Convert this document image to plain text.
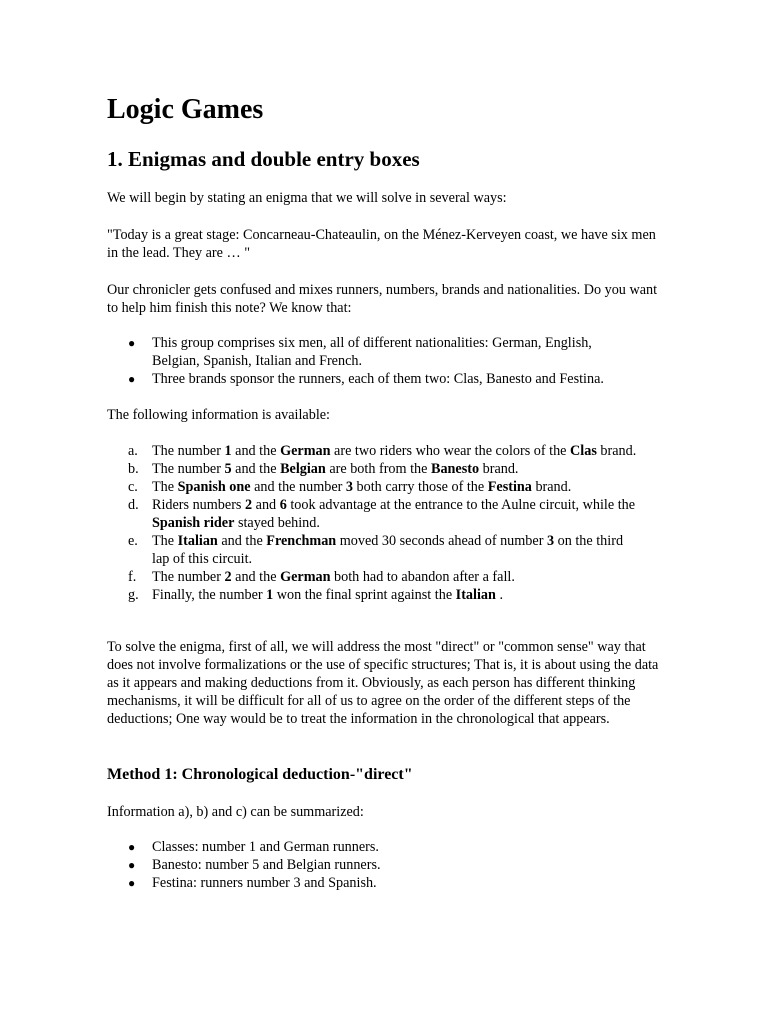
Logic Games
1. Enigmas and double entry boxes

We will begin by stating an enigma that we will solve in several ways:

"Today is a great stage: Concarneau-Chateaulin, on the Ménez-Kerveyen coast, we have six men in the lead. They are … "

Our chronicler gets confused and mixes runners, numbers, brands and nationalities. Do you want to help him finish this note? We know that:

● This group comprises six men, all of different nationalities: German, English, Belgian, Spanish, Italian and French.
● Three brands sponsor the runners, each of them two: Clas, Banesto and Festina.

The following information is available:

a. The number 1 and the German are two riders who wear the colors of the Clas brand.
b. The number 5 and the Belgian are both from the Banesto brand.
c. The Spanish one and the number 3 both carry those of the Festina brand.
d. Riders numbers 2 and 6 took advantage at the entrance to the Aulne circuit, while the Spanish rider stayed behind.
e. The Italian and the Frenchman moved 30 seconds ahead of number 3 on the third lap of this circuit.
f. The number 2 and the German both had to abandon after a fall.
g. Finally, the number 1 won the final sprint against the Italian .

To solve the enigma, first of all, we will address the most "direct" or "common sense" way that does not involve formalizations or the use of specific structures; That is, it is about using the data as it appears and making deductions from it. Obviously, as each person has different thinking mechanisms, it will be difficult for all of us to agree on the order of the different steps of the deductions; One way would be to treat the information in the chronological that appears.

Method 1: Chronological deduction-"direct"

Information a), b) and c) can be summarized:

● Classes: number 1 and German runners.
● Banesto: number 5 and Belgian runners.
● Festina: runners number 3 and Spanish.
